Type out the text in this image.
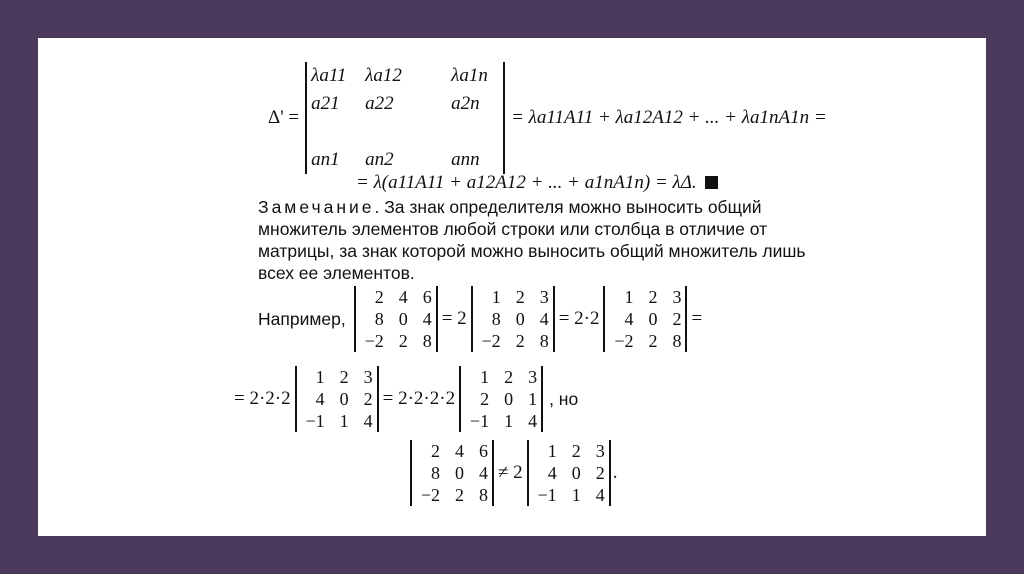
Δ' =
λa11	λa12	λa1n
a21	a22	a2n

an1	an2	ann
= λa11A11 + λa12A12 + ... + λa1nA1n =
= λ(a11A11 + a12A12 + ... + a1nA1n) = λΔ.
Замечание. За знак определителя можно выносить общий множитель элементов любой строки или столбца в отличие от матрицы, за знак которой можно выносить общий множитель лишь всех ее элементов.
Например,
2	4	6
8	0	4
−2	2	8
= 2
1	2	3
8	0	4
−2	2	8
= 2·2
1	2	3
4	0	2
−2	2	8
=
= 2·2·2
1	2	3
4	0	2
−1	1	4
= 2·2·2·2
1	2	3
2	0	1
−1	1	4
, но
2	4	6
8	0	4
−2	2	8
≠ 2
1	2	3
4	0	2
−1	1	4
.
